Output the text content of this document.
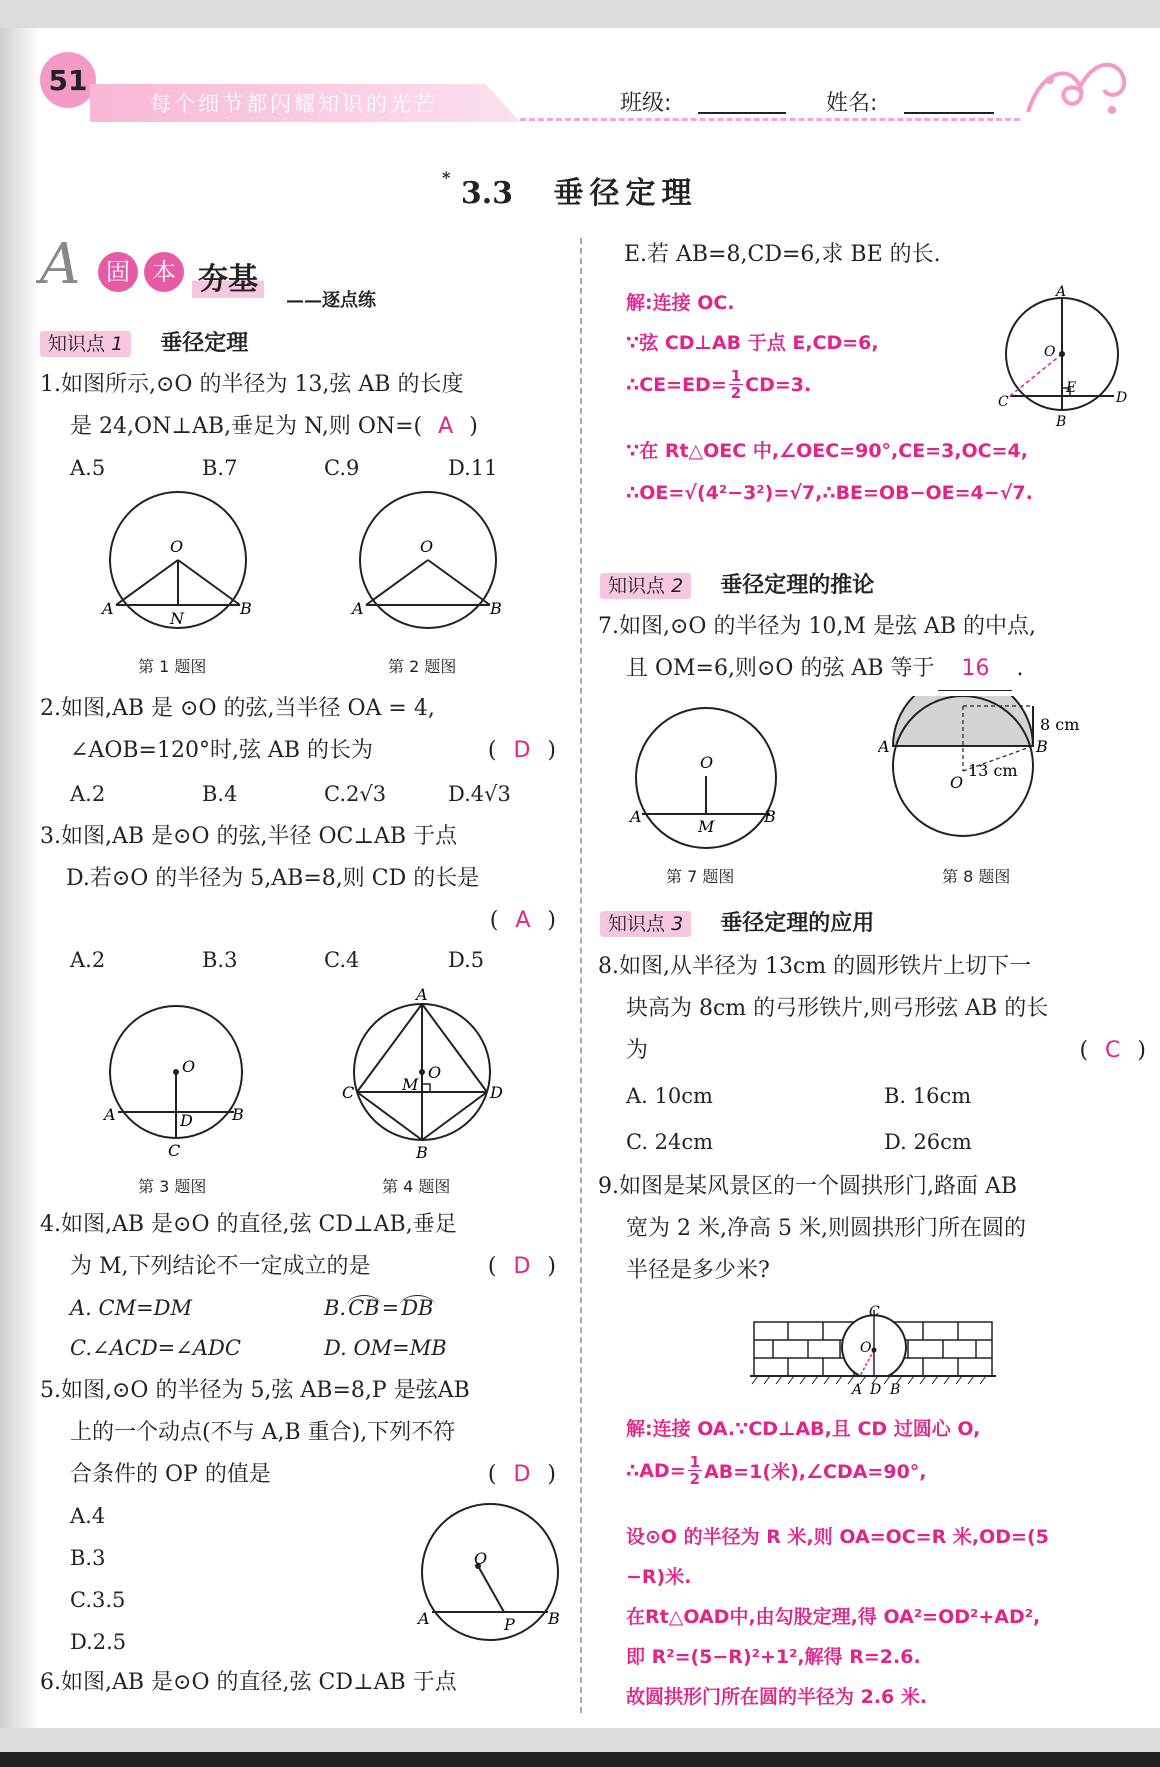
51
每个细节都闪耀知识的光芒	班级:	姓名:
* 3.3 垂径定理
A	固 本 夯基
——逐点练
知识点 1 垂径定理
1.如图所示,⊙O 的半径为 13,弦 AB 的长度
是 24,ON⊥AB,垂足为 N,则 ON=( A )
A.5	B.7	C.9	D.11
O
A	B
N
第 1 题图
O
A	B
第 2 题图
2.如图,AB 是 ⊙O 的弦,当半径 OA = 4,
∠AOB=120°时,弦 AB 的长为	( D )
A.2	B.4	C.2√3	D.4√3
3.如图,AB 是⊙O 的弦,半径 OC⊥AB 于点
D.若⊙O 的半径为 5,AB=8,则 CD 的长是
( A )
A.2	B.3	C.4	D.5
O
A	B
D
C
第 3 题图
A
O
M
C	D
B
第 4 题图
4.如图,AB 是⊙O 的直径,弦 CD⊥AB,垂足
为 M,下列结论不一定成立的是	( D )
A. CM=DM	B.CB=DB
C.∠ACD=∠ADC	D. OM=MB
5.如图,⊙O 的半径为 5,弦 AB=8,P 是弦AB
上的一个动点(不与 A,B 重合),下列不符
合条件的 OP 的值是	( D )
A.4
B.3
C.3.5
D.2.5
O
A	B
P
6.如图,AB 是⊙O 的直径,弦 CD⊥AB 于点
E.若 AB=8,CD=6,求 BE 的长.
解:连接 OC.
∵弦 CD⊥AB 于点 E,CD=6,
∴CE=ED= $\frac{1}{2} CD=3$.
∵在 Rt△OEC 中,∠OEC=90°,CE=3,OC=4,
∴OE=√(4²−3²)=√7,∴BE=OB−OE=4−√7.
A
O
E
C	D
B
知识点 2 垂径定理的推论
7.如图,⊙O 的半径为 10,M 是弦 AB 的中点,
且 OM=6,则⊙O 的弦 AB 等于 16 .
O
A	B
M
第 7 题图
8 cm
A	B
13 cm
O
第 8 题图
知识点 3 垂径定理的应用
8.如图,从半径为 13cm 的圆形铁片上切下一
块高为 8cm 的弓形铁片,则弓形弦 AB 的长
为	( C )
A. 10cm	B. 16cm
C. 24cm	D. 26cm
9.如图是某风景区的一个圆拱形门,路面 AB
宽为 2 米,净高 5 米,则圆拱形门所在圆的
半径是多少米?
C
O
A D B
解:连接 OA.∵CD⊥AB,且 CD 过圆心 O,
∴AD= $\frac{1}{2} AB=1$(米),∠CDA=90°,
设⊙O 的半径为 R 米,则 OA=OC=R 米,OD=(5
−R)米.
在Rt△OAD中,由勾股定理,得 OA²=OD²+AD²,
即 R²=(5−R)²+1²,解得 R=2.6.
故圆拱形门所在圆的半径为 2.6 米.
